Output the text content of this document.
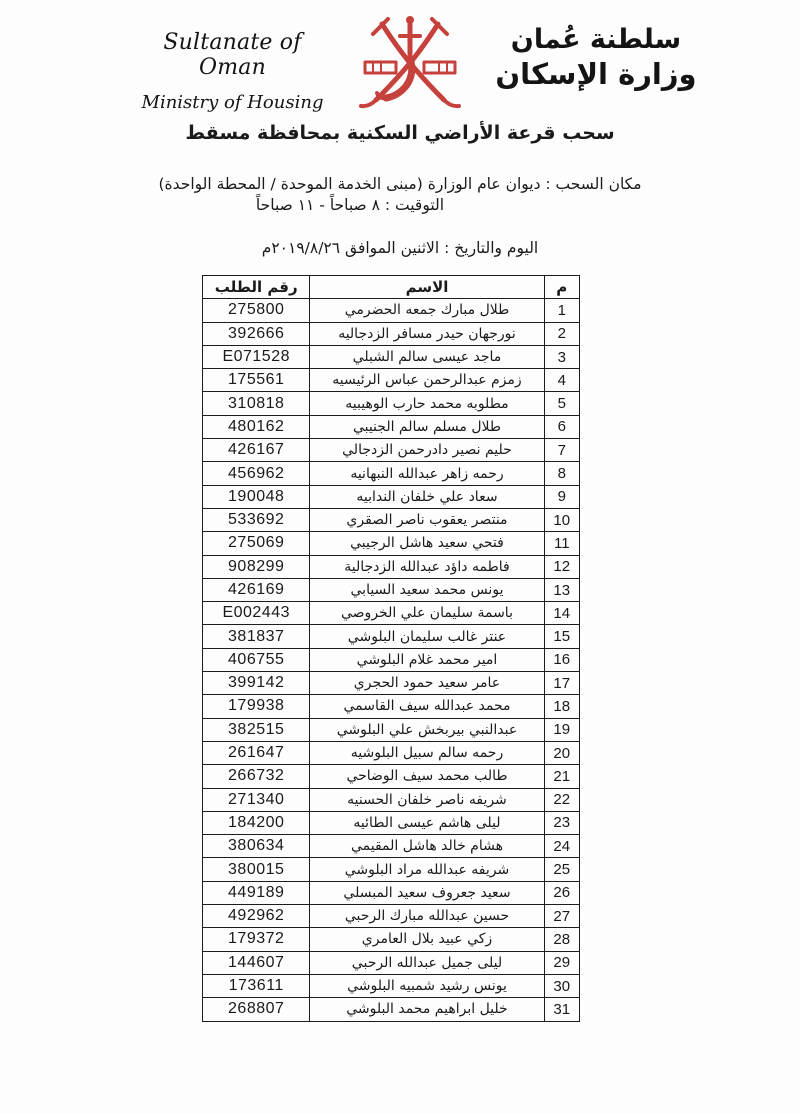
Sultanate of Oman
Ministry of Housing
سلطنة عُمان
وزارة الإسكان
سحب قرعة الأراضي السكنية بمحافظة مسقط
مكان السحب : ديوان عام الوزارة (مبنى الخدمة الموحدة / المحطة الواحدة)
التوقيت : ٨ صباحاً - ١١ صباحاً
اليوم والتاريخ : الاثنين الموافق ٢٠١٩/٨/٢٦م
م	الاسم	رقم الطلب
1	طلال مبارك جمعه الحضرمي	275800
2	نورجهان حيدر مسافر الزدجاليه	392666
3	ماجد عيسى سالم الشبلي	E071528
4	زمزم عبدالرحمن عباس الرئيسيه	175561
5	مطلوبه محمد حارب الوهيبيه	310818
6	طلال مسلم سالم الجنيبي	480162
7	حليم نصير دادرحمن الزدجالي	426167
8	رحمه زاهر عبدالله النبهانيه	456962
9	سعاد علي خلفان الندابيه	190048
10	منتصر يعقوب ناصر الصقري	533692
11	فتحي سعيد هاشل الرجيبي	275069
12	فاطمه داؤد عبدالله الزدجالية	908299
13	يونس محمد سعيد السيابي	426169
14	باسمة سليمان علي الخروصي	E002443
15	عنتر غالب سليمان البلوشي	381837
16	امير محمد غلام البلوشي	406755
17	عامر سعيد حمود الحجري	399142
18	محمد عبدالله سيف القاسمي	179938
19	عبدالنبي بيربخش علي البلوشي	382515
20	رحمه سالم سبيل البلوشيه	261647
21	طالب محمد سيف الوضاحي	266732
22	شريفه ناصر خلفان الحسنيه	271340
23	ليلى هاشم عيسى الطائيه	184200
24	هشام خالد هاشل المقيمي	380634
25	شريفه عبدالله مراد البلوشي	380015
26	سعيد جعروف سعيد المبسلي	449189
27	حسين عبدالله مبارك الرحبي	492962
28	زكي عبيد بلال العامري	179372
29	ليلى جميل عبدالله الرحبي	144607
30	يونس رشيد شمبيه البلوشي	173611
31	خليل ابراهيم محمد البلوشي	268807
